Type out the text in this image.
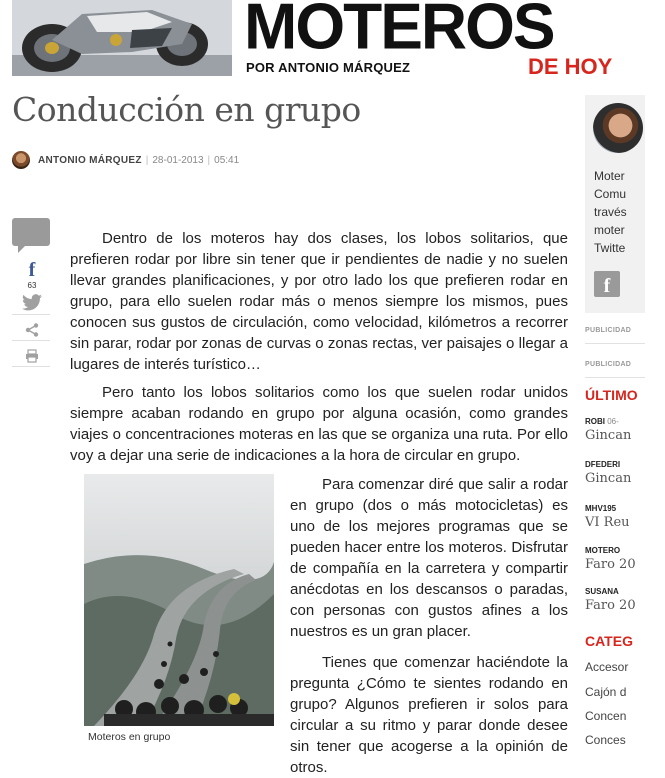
MOTEROS
POR ANTONIO MÁRQUEZ	DE HOY
Conducción en grupo
ANTONIO MÁRQUEZ | 28-01-2013 | 05:41
f
63

Dentro de los moteros hay dos clases, los lobos solitarios, que prefieren rodar por libre sin tener que ir pendientes de nadie y no suelen llevar grandes planificaciones, y por otro lado los que prefieren rodar en grupo, para ello suelen rodar más o menos siempre los mismos, pues conocen sus gustos de circulación, como velocidad, kilómetros a recorrer sin parar, rodar por zonas de curvas o zonas rectas, ver paisajes o llegar a lugares de interés turístico…

Pero tanto los lobos solitarios como los que suelen rodar unidos siempre acaban rodando en grupo por alguna ocasión, como grandes viajes o concentraciones moteras en las que se organiza una ruta. Por ello voy a dejar una serie de indicaciones a la hora de circular en grupo.

Moteros en grupo

Para comenzar diré que salir a rodar en grupo (dos o más motocicletas) es uno de los mejores programas que se pueden hacer entre los moteros. Disfrutar de compañía en la carretera y compartir anécdotas en los descansos o paradas, con personas con gustos afines a los nuestros es un gran placer.

Tienes que comenzar haciéndote la pregunta ¿Cómo te sientes rodando en grupo? Algunos prefieren ir solos para circular a su ritmo y parar donde desee sin tener que acogerse a la opinión de otros.

Moter
Comu
través
moter
Twitte
f
PUBLICIDAD
PUBLICIDAD
ÚLTIMO
ROBI 06-
Gincan
DFEDERI
Gincan
MHV195
VI Reu
MOTERO
Faro 20
SUSANA
Faro 20
CATEG
Accesor
Cajón d
Concen
Conces
